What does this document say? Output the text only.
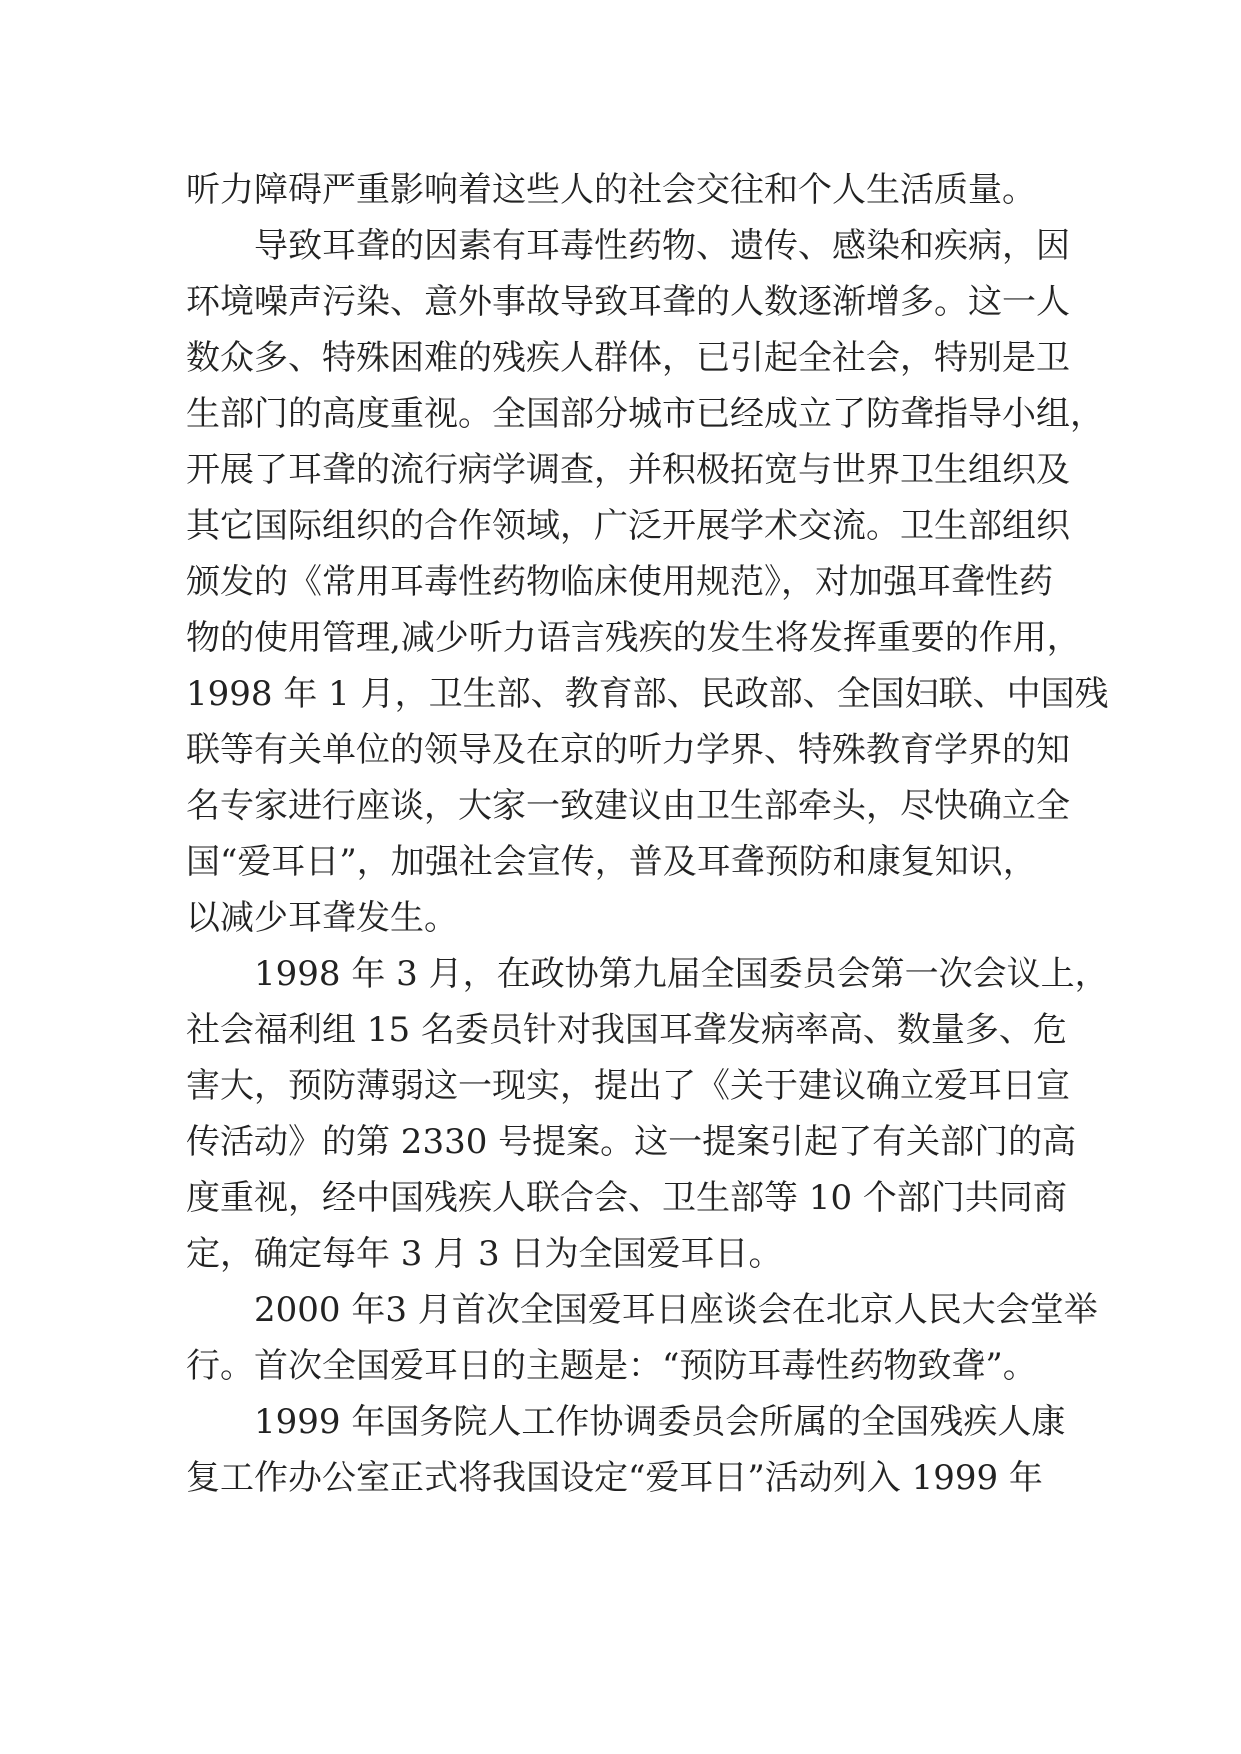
听力障碍严重影响着这些人的社会交往和个人生活质量。
导致耳聋的因素有耳毒性药物、遗传、感染和疾病，因
环境噪声污染、意外事故导致耳聋的人数逐渐增多。这一人
数众多、特殊困难的残疾人群体，已引起全社会，特别是卫
生部门的高度重视。全国部分城市已经成立了防聋指导小组，
开展了耳聋的流行病学调查，并积极拓宽与世界卫生组织及
其它国际组织的合作领域，广泛开展学术交流。卫生部组织
颁发的《常用耳毒性药物临床使用规范》，对加强耳聋性药
物的使用管理,减少听力语言残疾的发生将发挥重要的作用，
1998 年 1 月，卫生部、教育部、民政部、全国妇联、中国残
联等有关单位的领导及在京的听力学界、特殊教育学界的知
名专家进行座谈，大家一致建议由卫生部牵头，尽快确立全
国“爱耳日”，加强社会宣传，普及耳聋预防和康复知识，
以减少耳聋发生。
1998 年 3 月，在政协第九届全国委员会第一次会议上，
社会福利组 15 名委员针对我国耳聋发病率高、数量多、危
害大，预防薄弱这一现实，提出了《关于建议确立爱耳日宣
传活动》的第 2330 号提案。这一提案引起了有关部门的高
度重视，经中国残疾人联合会、卫生部等 10 个部门共同商
定，确定每年 3 月 3 日为全国爱耳日。
2000 年3 月首次全国爱耳日座谈会在北京人民大会堂举
行。首次全国爱耳日的主题是：“预防耳毒性药物致聋”。
1999 年国务院人工作协调委员会所属的全国残疾人康
复工作办公室正式将我国设定“爱耳日”活动列入 1999 年
